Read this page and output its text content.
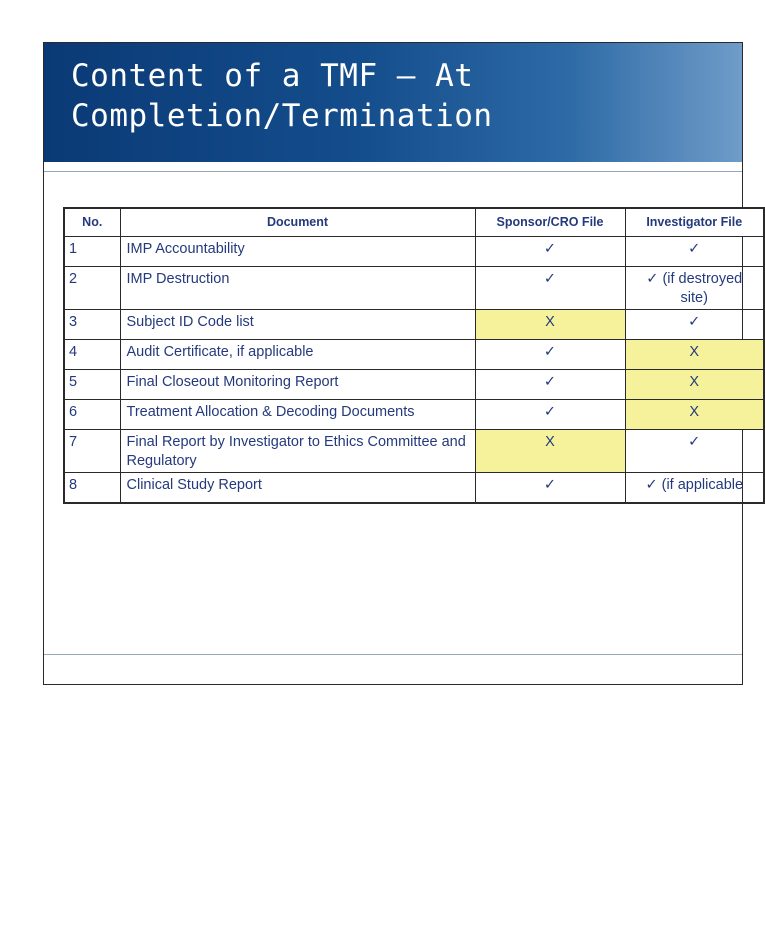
Content of a TMF – At
Completion/Termination
No.	Document	Sponsor/CRO File	Investigator File
1	IMP Accountability	✓	✓
2	IMP Destruction	✓	✓ (if destroyed site)
3	Subject ID Code list	X	✓
4	Audit Certificate, if applicable	✓	X
5	Final Closeout Monitoring Report	✓	X
6	Treatment Allocation & Decoding Documents	✓	X
7	Final Report by Investigator to Ethics Committee and Regulatory	X	✓
8	Clinical Study Report	✓	✓ (if applicable
